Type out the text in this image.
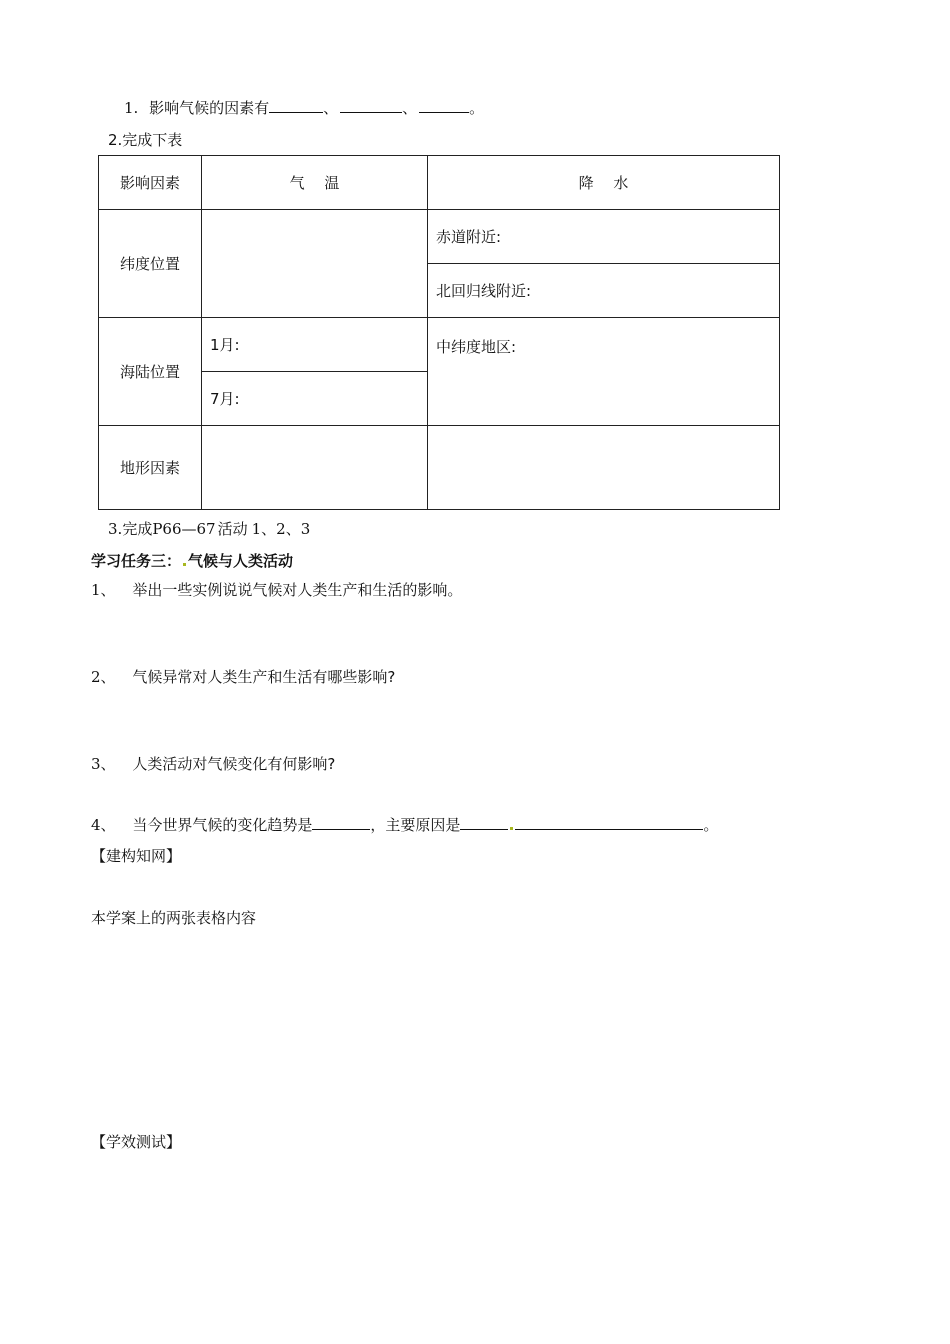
1. 影响气候的因素有	、	、	。
2.完成下表
影响因素	气　 温	降　 水
纬度位置		赤道附近:
		北回归线附近:
海陆位置	1月:	中纬度地区:
	7月:	
地形因素		
3.完成P66—67 活动 1、2、3
学习任务三： 气候与人类活动
1、 举出一些实例说说气候对人类生产和生活的影响。
2、 气候异常对人类生产和生活有哪些影响?
3、 人类活动对气候变化有何影响?
4、 当今世界气候的变化趋势是	，主要原因是	。
【建构知网】
本学案上的两张表格内容
【学效测试】
